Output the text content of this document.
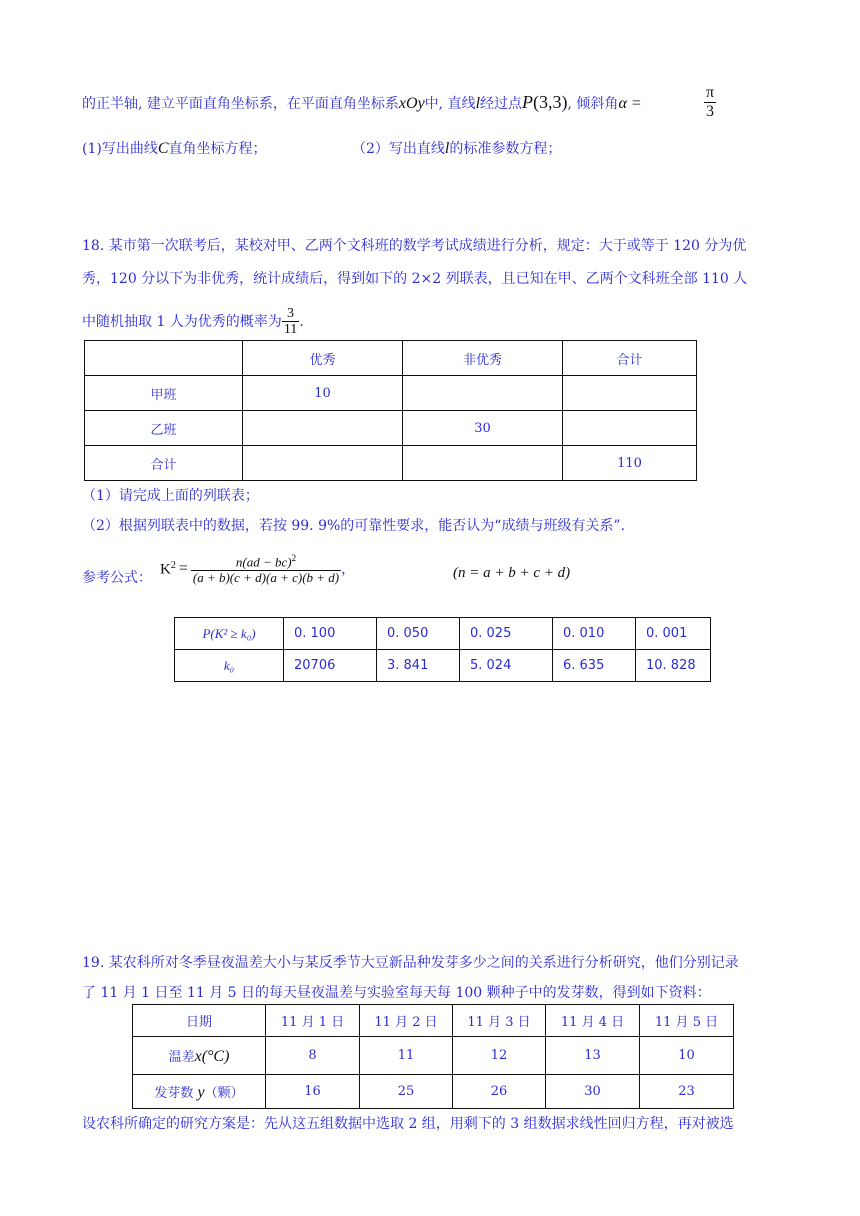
的正半轴, 建立平面直角坐标系，在平面直角坐标系xOy中, 直线l经过点P(3,3), 倾斜角α =	$\frac{\pi}{3}$
(1)写出曲线C直角坐标方程；	（2）写出直线l的标准参数方程；
18. 某市第一次联考后，某校对甲、乙两个文科班的数学考试成绩进行分析，规定：大于或等于 120 分为优
秀，120 分以下为非优秀，统计成绩后，得到如下的 2×2 列联表，且已知在甲、乙两个文科班全部 110 人
中随机抽取 1 人为优秀的概率为 $\frac{3}{11}$ .
	优秀	非优秀	合计
甲班	10		
乙班		30	
合计			110
（1）请完成上面的列联表；
（2）根据列联表中的数据，若按 99. 9%的可靠性要求，能否认为“成绩与班级有关系”.
参考公式：
$K^2 = \frac{n(ad - bc)^2}{(a + b)(c + d)(a + c)(b + d)}$ ，	(n = a + b + c + d)
P(K² ≥ k₀)	0. 100	0. 050	0. 025	0. 010	0. 001
k₀	20706	3. 841	5. 024	6. 635	10. 828
19. 某农科所对冬季昼夜温差大小与某反季节大豆新品种发芽多少之间的关系进行分析研究，他们分别记录
了 11 月 1 日至 11 月 5 日的每天昼夜温差与实验室每天每 100 颗种子中的发芽数，得到如下资料：
日期	11 月 1 日	11 月 2 日	11 月 3 日	11 月 4 日	11 月 5 日
温差x(°C)	8	11	12	13	10
发芽数 y（颗）	16	25	26	30	23
设农科所确定的研究方案是：先从这五组数据中选取 2 组，用剩下的 3 组数据求线性回归方程，再对被选
